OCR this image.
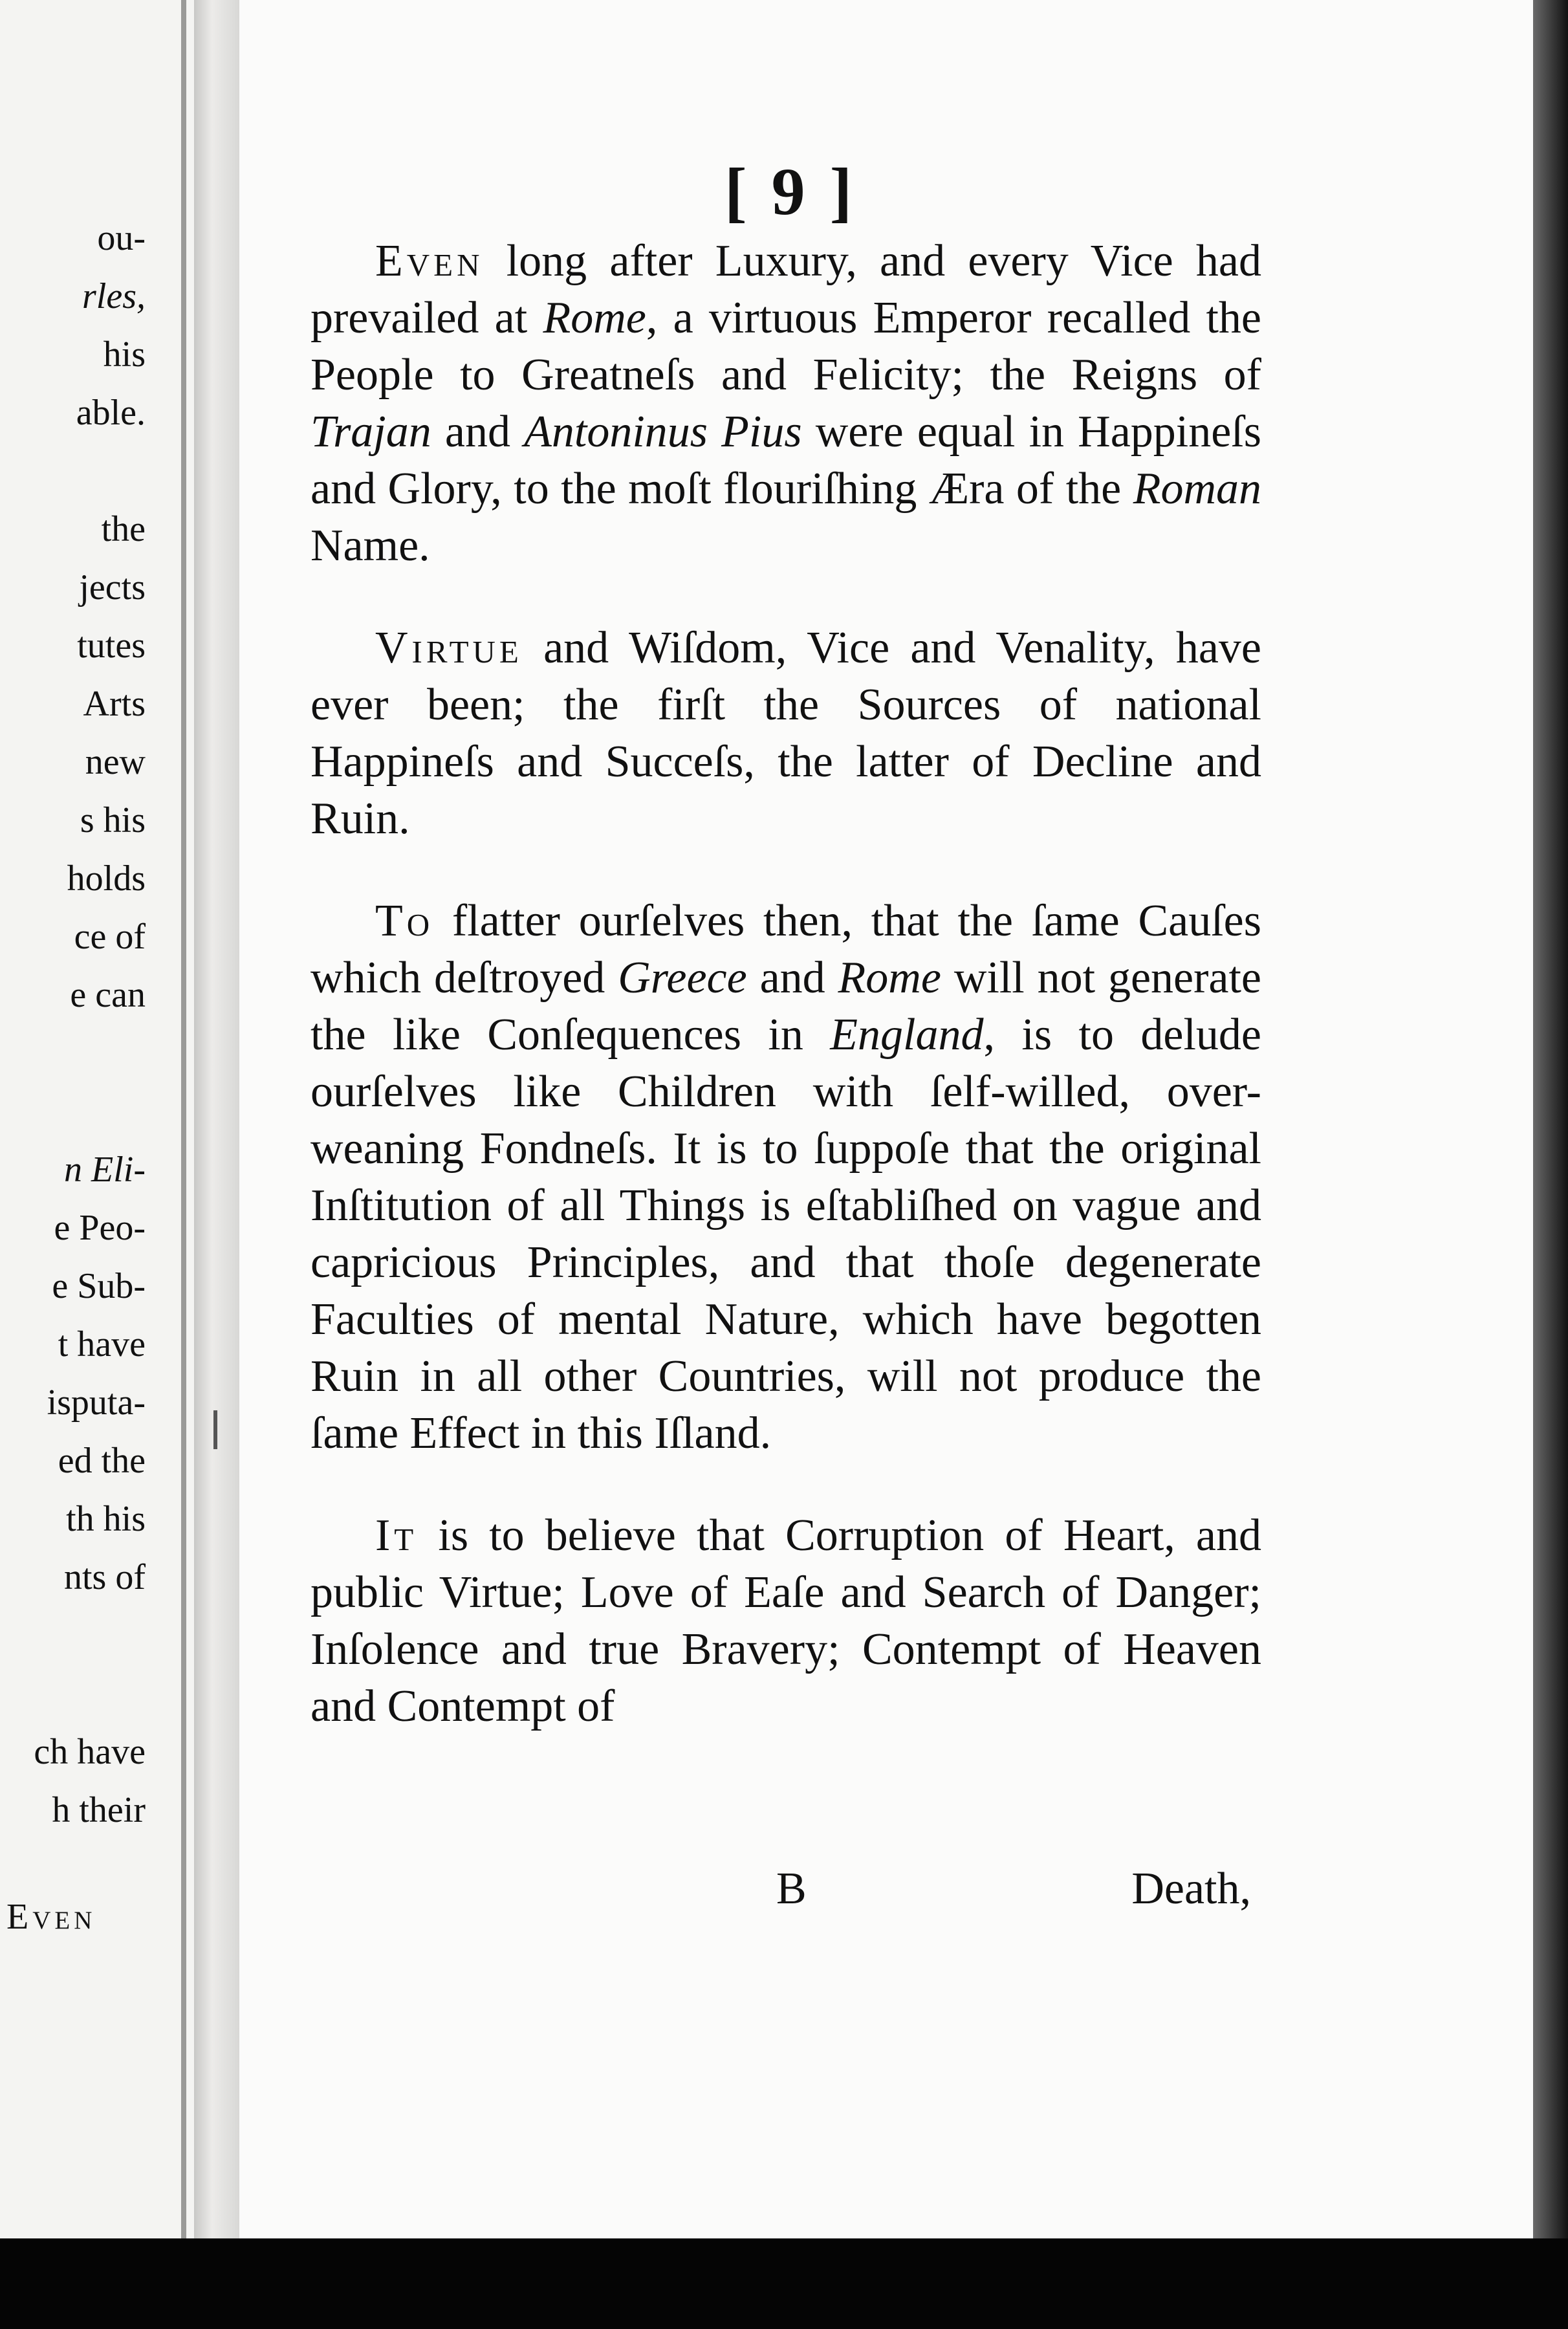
ou-
rles,
his
able.
the
jects
tutes
Arts
new
s his
holds
ce of
e can
n Eli-
e Peo-
e Sub-
t have
isputa-
ed the
th his
nts of
ch have
h their
Even
[ 9 ]

Even long after Luxury, and every Vice had prevailed at Rome, a virtuous Emperor recalled the People to Greatneſs and Felicity; the Reigns of Trajan and Antoninus Pius were equal in Happineſs and Glory, to the moſt flouriſhing Æra of the Roman Name.

Virtue and Wiſdom, Vice and Venality, have ever been; the firſt the Sources of national Happineſs and Succeſs, the latter of Decline and Ruin.

To flatter ourſelves then, that the ſame Cauſes which deſtroyed Greece and Rome will not generate the like Conſequences in England, is to delude ourſelves like Children with ſelf-willed, over-weaning Fondneſs. It is to ſuppoſe that the original Inſtitution of all Things is eſtabliſhed on vague and capricious Principles, and that thoſe degenerate Faculties of mental Nature, which have begotten Ruin in all other Countries, will not produce the ſame Effect in this Iſland.

It is to believe that Corruption of Heart, and public Virtue; Love of Eaſe and Search of Danger; Inſolence and true Bravery; Contempt of Heaven and Contempt of

B	Death,
